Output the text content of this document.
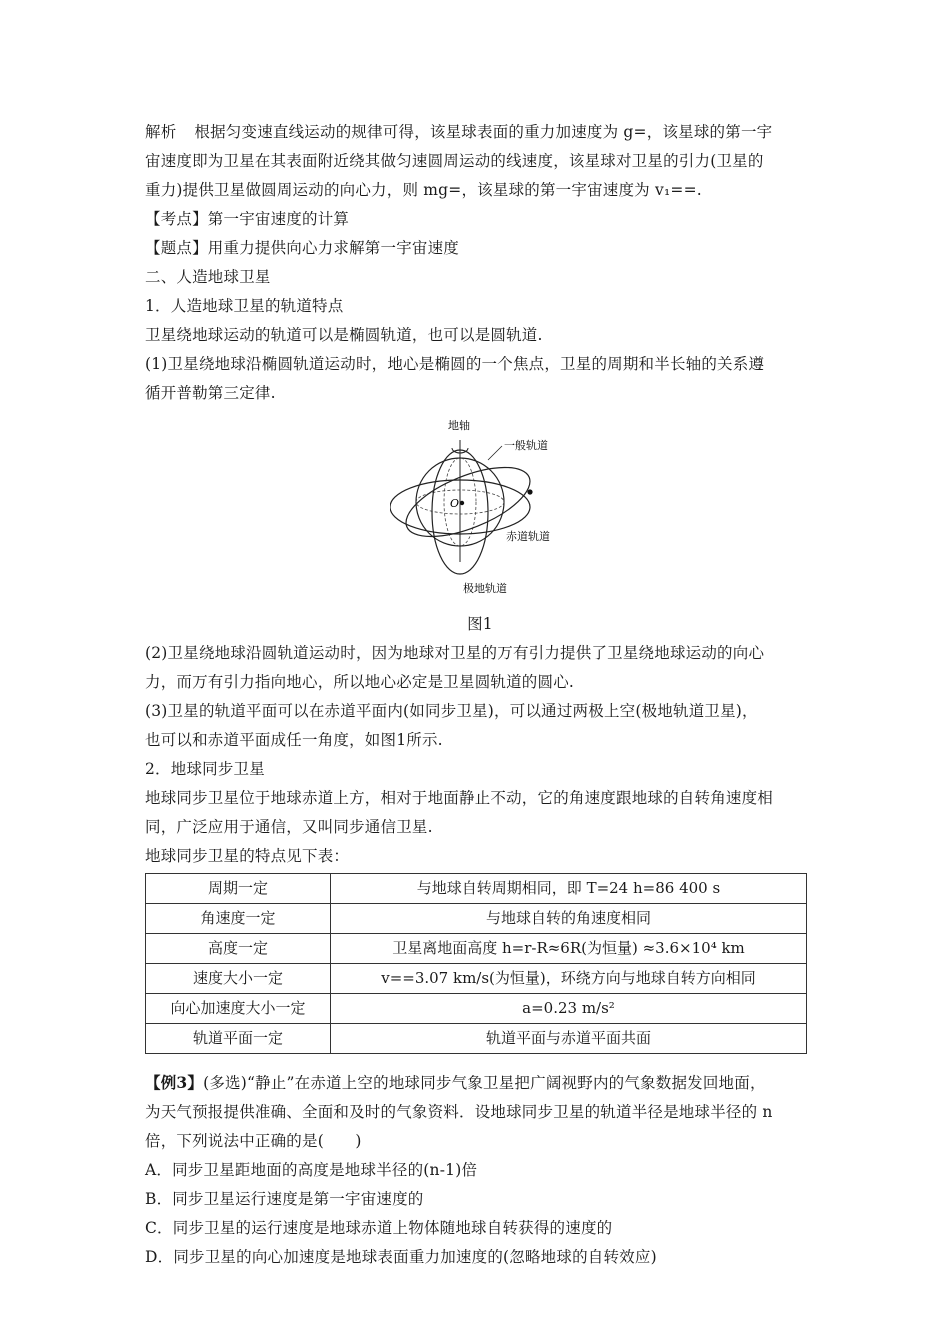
解析 根据匀变速直线运动的规律可得，该星球表面的重力加速度为 g=，该星球的第一宇

宙速度即为卫星在其表面附近绕其做匀速圆周运动的线速度，该星球对卫星的引力(卫星的

重力)提供卫星做圆周运动的向心力，则 mg=，该星球的第一宇宙速度为 v₁==.

【考点】第一宇宙速度的计算

【题点】用重力提供向心力求解第一宇宙速度

二、人造地球卫星

1．人造地球卫星的轨道特点

卫星绕地球运动的轨道可以是椭圆轨道，也可以是圆轨道.

(1)卫星绕地球沿椭圆轨道运动时，地心是椭圆的一个焦点，卫星的周期和半长轴的关系遵

循开普勒第三定律.

地轴
一般轨道
O
赤道轨道
极地轨道

图1

(2)卫星绕地球沿圆轨道运动时，因为地球对卫星的万有引力提供了卫星绕地球运动的向心

力，而万有引力指向地心，所以地心必定是卫星圆轨道的圆心.

(3)卫星的轨道平面可以在赤道平面内(如同步卫星)，可以通过两极上空(极地轨道卫星)，

也可以和赤道平面成任一角度，如图1所示.

2．地球同步卫星

地球同步卫星位于地球赤道上方，相对于地面静止不动，它的角速度跟地球的自转角速度相

同，广泛应用于通信，又叫同步通信卫星.

地球同步卫星的特点见下表：

周期一定	与地球自转周期相同，即 T=24 h=86 400 s
角速度一定	与地球自转的角速度相同
高度一定	卫星离地面高度 h=r-R≈6R(为恒量) ≈3.6×10⁴ km
速度大小一定	v==3.07 km/s(为恒量)，环绕方向与地球自转方向相同
向心加速度大小一定	a=0.23 m/s²
轨道平面一定	轨道平面与赤道平面共面

【例3】(多选)“静止”在赤道上空的地球同步气象卫星把广阔视野内的气象数据发回地面，

为天气预报提供准确、全面和及时的气象资料．设地球同步卫星的轨道半径是地球半径的 n

倍，下列说法中正确的是(　　)

A．同步卫星距地面的高度是地球半径的(n-1)倍

B．同步卫星运行速度是第一宇宙速度的

C．同步卫星的运行速度是地球赤道上物体随地球自转获得的速度的

D．同步卫星的向心加速度是地球表面重力加速度的(忽略地球的自转效应)
